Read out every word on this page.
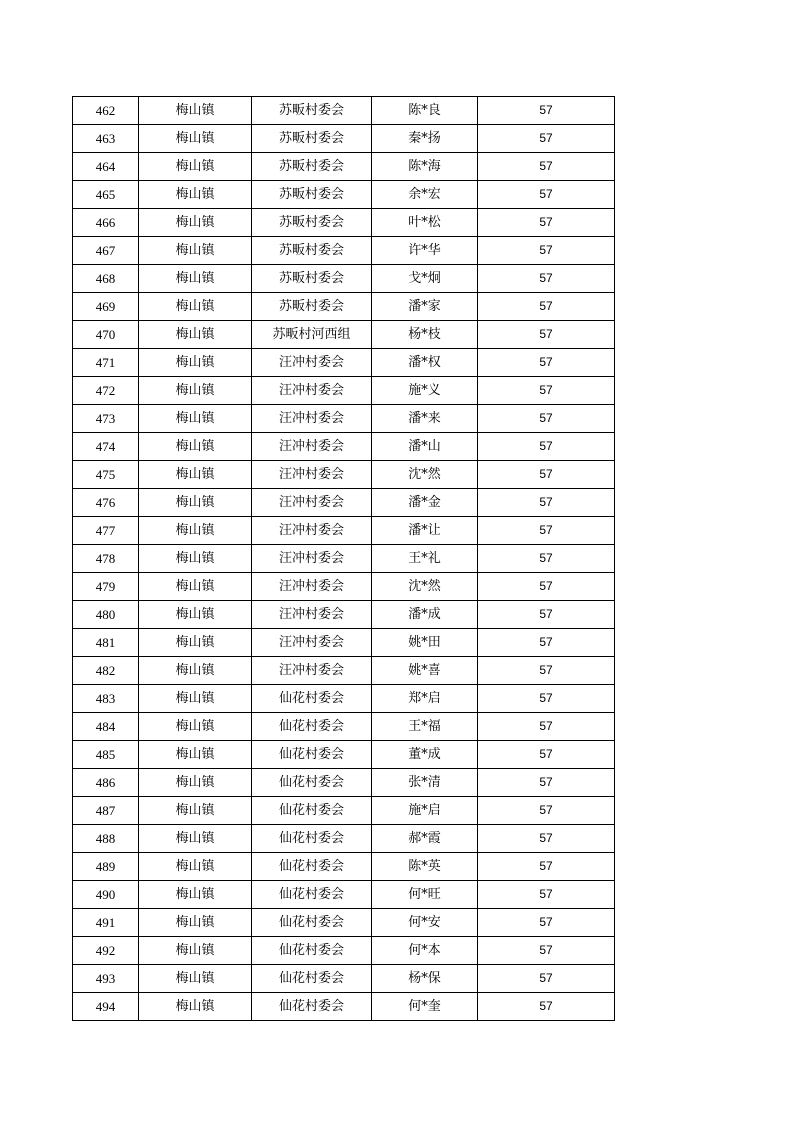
462	梅山镇	苏畈村委会	陈*良	57
463	梅山镇	苏畈村委会	秦*扬	57
464	梅山镇	苏畈村委会	陈*海	57
465	梅山镇	苏畈村委会	余*宏	57
466	梅山镇	苏畈村委会	叶*松	57
467	梅山镇	苏畈村委会	许*华	57
468	梅山镇	苏畈村委会	戈*炯	57
469	梅山镇	苏畈村委会	潘*家	57
470	梅山镇	苏畈村河西组	杨*枝	57
471	梅山镇	汪冲村委会	潘*权	57
472	梅山镇	汪冲村委会	施*义	57
473	梅山镇	汪冲村委会	潘*来	57
474	梅山镇	汪冲村委会	潘*山	57
475	梅山镇	汪冲村委会	沈*然	57
476	梅山镇	汪冲村委会	潘*金	57
477	梅山镇	汪冲村委会	潘*让	57
478	梅山镇	汪冲村委会	王*礼	57
479	梅山镇	汪冲村委会	沈*然	57
480	梅山镇	汪冲村委会	潘*成	57
481	梅山镇	汪冲村委会	姚*田	57
482	梅山镇	汪冲村委会	姚*喜	57
483	梅山镇	仙花村委会	郑*启	57
484	梅山镇	仙花村委会	王*福	57
485	梅山镇	仙花村委会	董*成	57
486	梅山镇	仙花村委会	张*清	57
487	梅山镇	仙花村委会	施*启	57
488	梅山镇	仙花村委会	郝*霞	57
489	梅山镇	仙花村委会	陈*英	57
490	梅山镇	仙花村委会	何*旺	57
491	梅山镇	仙花村委会	何*安	57
492	梅山镇	仙花村委会	何*本	57
493	梅山镇	仙花村委会	杨*保	57
494	梅山镇	仙花村委会	何*奎	57
